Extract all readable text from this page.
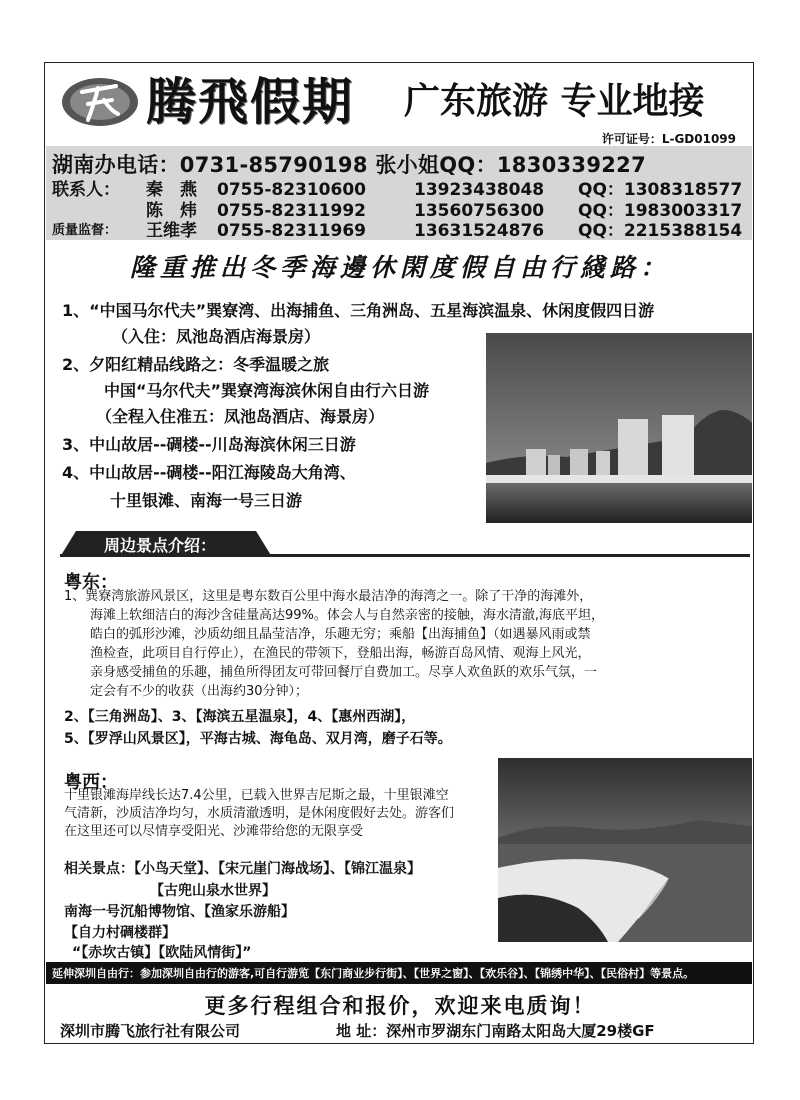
腾飛假期 广东旅游 专业地接
许可证号：L-GD01099
湖南办电话：0731-85790198 张小姐QQ：1830339227
联系人： 秦　燕 0755-82310600	13923438048 QQ：1308318577
陈　炜 0755-82311992	13560756300 QQ：1983003317
质量监督： 王维孝 0755-82311969	13631524876 QQ：2215388154
隆重推出冬季海邊休閑度假自由行綫路：
1、“中国马尔代夫”巽寮湾、出海捕鱼、三角洲岛、五星海滨温泉、休闲度假四日游
（入住：凤池岛酒店海景房）
2、夕阳红精品线路之：冬季温暖之旅
中国“马尔代夫”巽寮湾海滨休闲自由行六日游
（全程入住准五：凤池岛酒店、海景房）
3、中山故居--碉楼--川岛海滨休闲三日游
4、中山故居--碉楼--阳江海陵岛大角湾、
十里银滩、南海一号三日游
周边景点介绍：
粤东：
1、巽寮湾旅游风景区，这里是粤东数百公里中海水最洁净的海湾之一。除了干净的海滩外，
海滩上软细洁白的海沙含硅量高达99%。体会人与自然亲密的接触，海水清澈,海底平坦，
皓白的弧形沙滩，沙质幼细且晶莹洁净，乐趣无穷；乘船【出海捕鱼】（如遇暴风雨或禁
渔检查，此项目自行停止），在渔民的带领下，登船出海，畅游百岛风情、观海上风光，
亲身感受捕鱼的乐趣，捕鱼所得团友可带回餐厅自费加工。尽享人欢鱼跃的欢乐气氛，一
定会有不少的收获（出海约30分钟）；
2、【三角洲岛】、3、【海滨五星温泉】，4、【惠州西湖】，
5、【罗浮山风景区】，平海古城、海龟岛、双月湾，磨子石等。
粤西：
十里银滩海岸线长达7.4公里，已载入世界吉尼斯之最，十里银滩空
气清新，沙质洁净均匀，水质清澈透明，是休闲度假好去处。游客们
在这里还可以尽情享受阳光、沙滩带给您的无限享受
相关景点：【小鸟天堂】、【宋元崖门海战场】、【锦江温泉】
【古兜山泉水世界】
南海一号沉船博物馆、【渔家乐游船】
【自力村碉楼群】
“【赤坎古镇】【欧陆风情街】”
延伸深圳自由行：参加深圳自由行的游客,可自行游览【东门商业步行街】、【世界之窗】、【欢乐谷】、【锦绣中华】、【民俗村】等景点。
更多行程组合和报价，欢迎来电质询！
深圳市腾飞旅行社有限公司	地 址：深州市罗湖东门南路太阳岛大厦29楼GF
